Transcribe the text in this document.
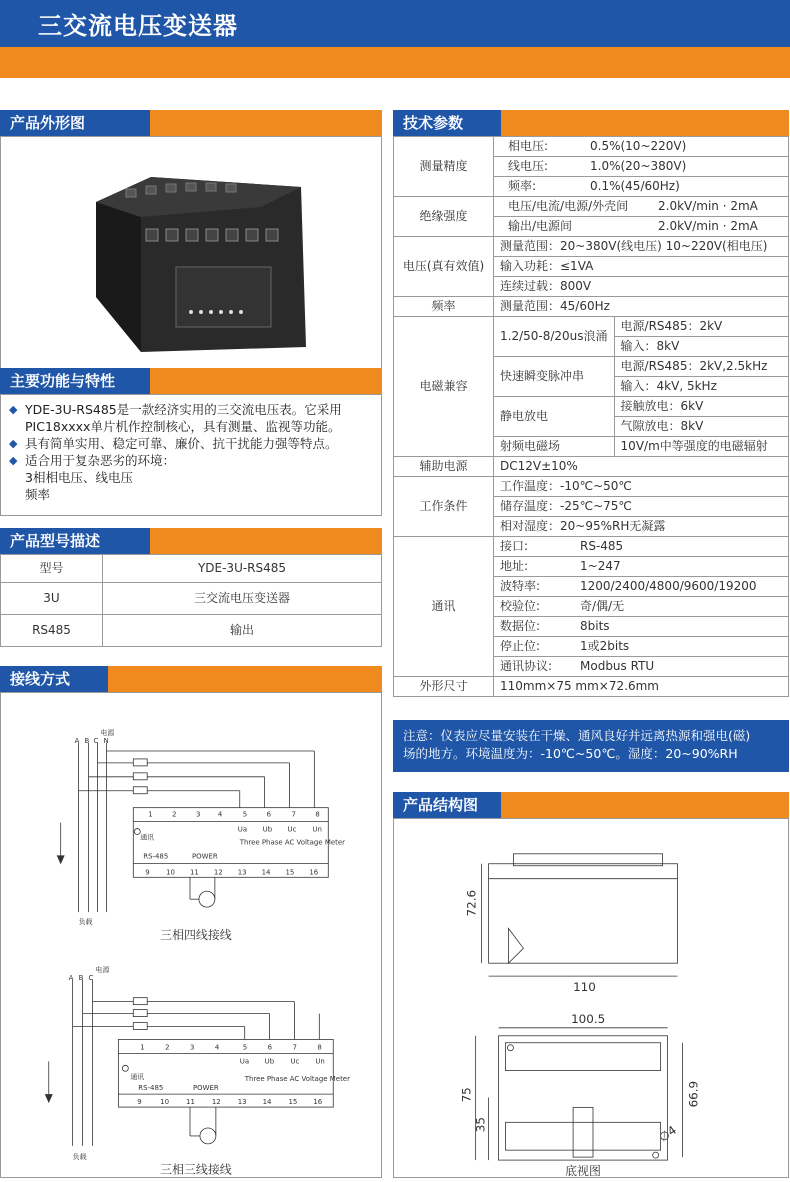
三交流电压变送器
产品外形图
主要功能与特性
◆ YDE-3U-RS485是一款经济实用的三交流电压表。它采用
PIC18xxxx单片机作控制核心，具有测量、监视等功能。
◆ 具有简单实用、稳定可靠、廉价、抗干扰能力强等特点。
◆ 适合用于复杂恶劣的环境：
3相相电压、线电压
频率
产品型号描述
型号	YDE-3U-RS485
3U	三交流电压变送器
RS485	输出
接线方式
电源
A B C N
负载
1	2	3 4	5	6	7	8
Ua Ub Uc Un
通讯
Three Phase AC Voltage Meter
RS-485	POWER
9 10 11 12 13 14 15 16
电源
A B C
负载
1	2	3	4	5	6	7	8
Ua Ub Uc Un
通讯	Three Phase AC Voltage Meter
RS-485	POWER
9	10 11 12 13 14 15 16
三相四线接线
三相三线接线
技术参数
测量精度	相电压: 0.5%(10~220V)	
	线电压: 1.0%(20~380V)	
	频率: 0.1%(45/60Hz)	
绝缘强度	电压/电流/电源/外壳间 2.0kV/min · 2mA	
	输出/电源间 2.0kV/min · 2mA	
电压(真有效值)	测量范围：20~380V(线电压) 10~220V(相电压)	
	输入功耗：≤1VA	
	连续过载：800V	
频率	测量范围：45/60Hz	
电磁兼容	1.2/50-8/20us浪涌	电源/RS485：2kV
		输入：8kV
	快速瞬变脉冲串	电源/RS485：2kV,2.5kHz
		输入：4kV, 5kHz
	静电放电	接触放电：6kV
		气隙放电：8kV
	射频电磁场	10V/m中等强度的电磁辐射
辅助电源	DC12V±10%	
工作条件	工作温度：-10℃~50℃	
	储存温度：-25℃~75℃	
	相对湿度：20~95%RH无凝露	
通讯	接口: RS-485	
	地址: 1~247	
	波特率: 1200/2400/4800/9600/19200	
	校验位: 奇/偶/无	
	数据位: 8bits	
	停止位: 1或2bits	
	通讯协议: Modbus RTU	
外形尺寸	110mm×75 mm×72.6mm	
注意：仪表应尽量安装在干燥、通风良好并远离热源和强电(磁)
场的地方。环境温度为：-10℃~50℃。湿度：20~90%RH
产品结构图
72.6
110
100.5
75
35
66.9
∅4
底视图
